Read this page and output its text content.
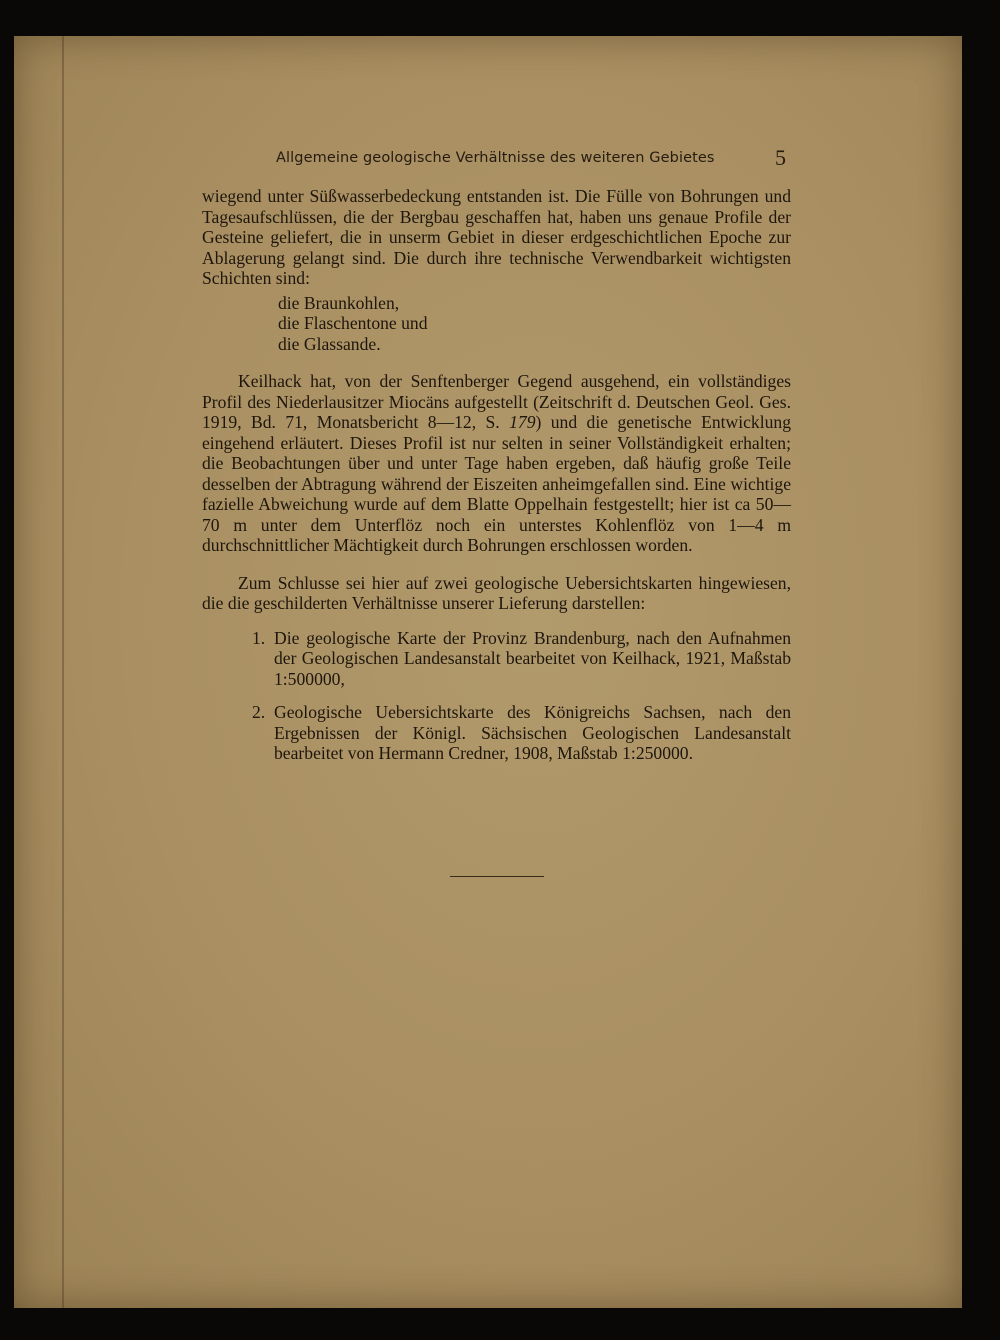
Allgemeine geologische Verhältnisse des weiteren Gebietes	5

wiegend unter Süßwasserbedeckung entstanden ist. Die Fülle von Bohrungen und Tagesaufschlüssen, die der Bergbau geschaffen hat, haben uns genaue Profile der Gesteine geliefert, die in unserm Gebiet in dieser erdgeschichtlichen Epoche zur Ablagerung gelangt sind. Die durch ihre technische Verwendbarkeit wichtigsten Schichten sind:

die Braunkohlen,
die Flaschentone und
die Glassande.

Keilhack hat, von der Senftenberger Gegend ausgehend, ein vollständiges Profil des Niederlausitzer Miocäns aufgestellt (Zeitschrift d. Deutschen Geol. Ges. 1919, Bd. 71, Monatsbericht 8—12, S. 179) und die genetische Entwicklung eingehend erläutert. Dieses Profil ist nur selten in seiner Vollständigkeit erhalten; die Beobachtungen über und unter Tage haben ergeben, daß häufig große Teile desselben der Abtragung während der Eiszeiten anheimgefallen sind. Eine wichtige fazielle Abweichung wurde auf dem Blatte Oppelhain festgestellt; hier ist ca 50—70 m unter dem Unterflöz noch ein unterstes Kohlenflöz von 1—4 m durchschnittlicher Mächtigkeit durch Bohrungen erschlossen worden.

Zum Schlusse sei hier auf zwei geologische Uebersichtskarten hingewiesen, die die geschilderten Verhältnisse unserer Lieferung darstellen:

1. Die geologische Karte der Provinz Brandenburg, nach den Aufnahmen der Geologischen Landesanstalt bearbeitet von Keilhack, 1921, Maßstab 1:500000,
2. Geologische Uebersichtskarte des Königreichs Sachsen, nach den Ergebnissen der Königl. Sächsischen Geologischen Landesanstalt bearbeitet von Hermann Credner, 1908, Maßstab 1:250000.
